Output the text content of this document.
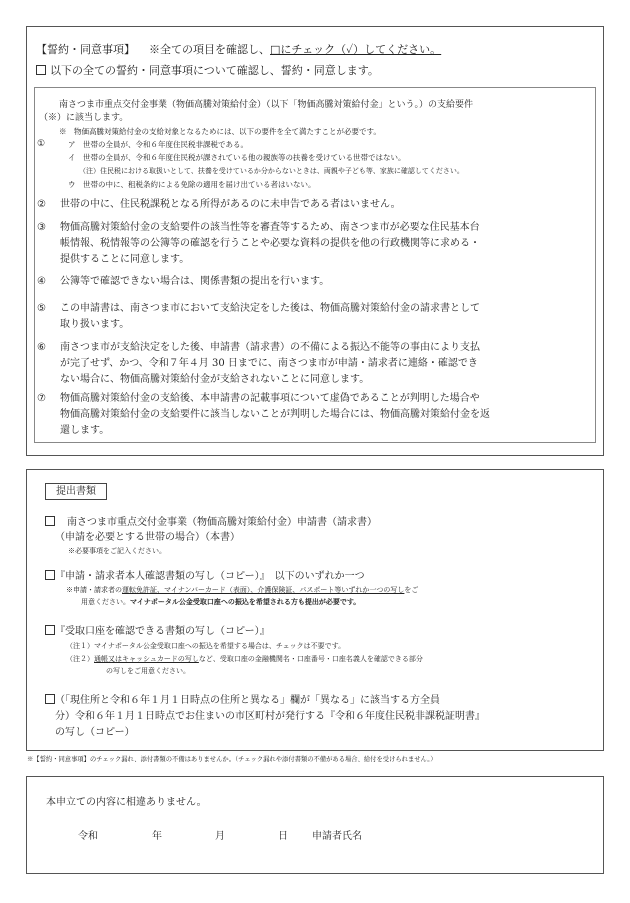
【誓約・同意事項】 ※全ての項目を確認し、□にチェック（✓）してください。
以下の全ての誓約・同意事項について確認し、誓約・同意します。
南さつま市重点交付金事業（物価高騰対策給付金）（以下「物価高騰対策給付金」という。）の支給要件
（※）に該当します。
※　物価高騰対策給付金の支給対象となるためには、以下の要件を全て満たすことが必要です。
①	ア　世帯の全員が、令和６年度住民税非課税である。
イ　世帯の全員が、令和６年度住民税が課されている他の親族等の扶養を受けている世帯ではない。
（注）住民税における取扱いとして、扶養を受けているか分からないときは、両親や子ども等、家族に確認してください。
ウ　世帯の中に、租税条約による免除の適用を届け出ている者はいない。
② 世帯の中に、住民税課税となる所得があるのに未申告である者はいません。
③ 物価高騰対策給付金の支給要件の該当性等を審査等するため、南さつま市が必要な住民基本台
帳情報、税情報等の公簿等の確認を行うことや必要な資料の提供を他の行政機関等に求める・
提供することに同意します。
④ 公簿等で確認できない場合は、関係書類の提出を行います。
⑤ この申請書は、南さつま市において支給決定をした後は、物価高騰対策給付金の請求書として
取り扱います。
⑥ 南さつま市が支給決定をした後、申請書（請求書）の不備による振込不能等の事由により支払
が完了せず、かつ、令和７年４月 30 日までに、南さつま市が申請・請求者に連絡・確認でき
ない場合に、物価高騰対策給付金が支給されないことに同意します。
⑦ 物価高騰対策給付金の支給後、本申請書の記載事項について虚偽であることが判明した場合や
物価高騰対策給付金の支給要件に該当しないことが判明した場合には、物価高騰対策給付金を返
還します。
提出書類
南さつま市重点交付金事業（物価高騰対策給付金）申請書（請求書）
（申請を必要とする世帯の場合）（本書）
※必要事項をご記入ください。
『申請・請求者本人確認書類の写し（コピー）』　以下のいずれか一つ
※申請・請求者の運転免許証、マイナンバーカード（表面）、介護保険証、パスポート等いずれか一つの写しをご
用意ください。マイナポータル公金受取口座への振込を希望される方も提出が必要です。
『受取口座を確認できる書類の写し（コピー）』
（注１）マイナポータル公金受取口座への振込を希望する場合は、チェックは不要です。
（注２）通帳又はキャッシュカードの写しなど、受取口座の金融機関名・口座番号・口座名義人を確認できる部分
の写しをご用意ください。
（「現住所と令和６年１月１日時点の住所と異なる」欄が「異なる」に該当する方全員
分）令和６年１月１日時点でお住まいの市区町村が発行する『令和６年度住民税非課税証明書』
の写し（コピー）
※【誓約・同意事項】のチェック漏れ、添付書類の不備はありませんか。（チェック漏れや添付書類の不備がある場合、給付を受けられません。）
本申立ての内容に相違ありません。
令和	年	月	日 申請者氏名
